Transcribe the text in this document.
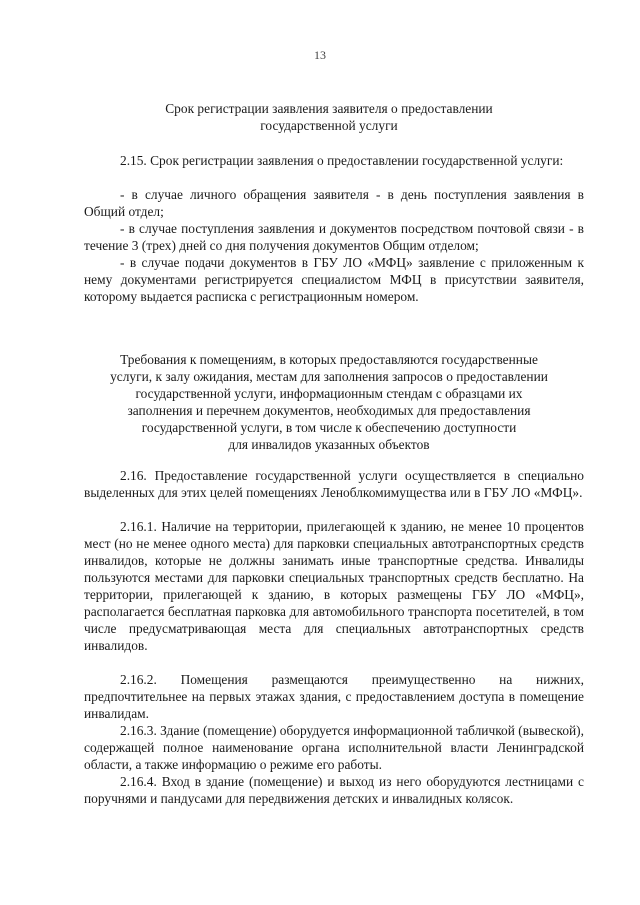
13
Срок регистрации заявления заявителя о предоставлении
государственной услуги

2.15. Срок регистрации заявления о предоставлении государственной услуги:

- в случае личного обращения заявителя - в день поступления заявления в Общий отдел;

- в случае поступления заявления и документов посредством почтовой связи - в течение 3 (трех) дней со дня получения документов Общим отделом;

- в случае подачи документов в ГБУ ЛО «МФЦ» заявление с приложенным к нему документами регистрируется специалистом МФЦ в присутствии заявителя, которому выдается расписка с регистрационным номером.

Требования к помещениям, в которых предоставляются государственные
услуги, к залу ожидания, местам для заполнения запросов о предоставлении
государственной услуги, информационным стендам с образцами их
заполнения и перечнем документов, необходимых для предоставления
государственной услуги, в том числе к обеспечению доступности
для инвалидов указанных объектов

2.16. Предоставление государственной услуги осуществляется в специально выделенных для этих целей помещениях Леноблкомимущества или в ГБУ ЛО «МФЦ».

2.16.1. Наличие на территории, прилегающей к зданию, не менее 10 процентов мест (но не менее одного места) для парковки специальных автотранспортных средств инвалидов, которые не должны занимать иные транспортные средства. Инвалиды пользуются местами для парковки специальных транспортных средств бесплатно. На территории, прилегающей к зданию, в которых размещены ГБУ ЛО «МФЦ», располагается бесплатная парковка для автомобильного транспорта посетителей, в том числе предусматривающая места для специальных автотранспортных средств инвалидов.

2.16.2. Помещения размещаются преимущественно на нижних, предпочтительнее на первых этажах здания, с предоставлением доступа в помещение инвалидам.

2.16.3. Здание (помещение) оборудуется информационной табличкой (вывеской), содержащей полное наименование органа исполнительной власти Ленинградской области, а также информацию о режиме его работы.

2.16.4. Вход в здание (помещение) и выход из него оборудуются лестницами с поручнями и пандусами для передвижения детских и инвалидных колясок.
